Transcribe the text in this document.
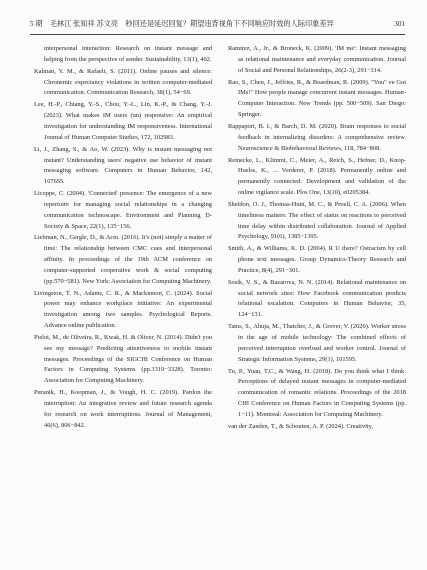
5 期 毛林江 张知祥 苏文亮 秒回还是延迟回复？期望违背视角下不同响应时效的人际印象差异	301

interpersonal interaction: Research on instant message and helping from the perspective of sender. Sustainability, 13(1), 402.

Kalman, Y. M., & Rafaeli, S. (2011). Online pauses and silence: Chronemic expectancy violations in written computer-mediated communication. Communication Research, 38(1), 54−69.

Lee, H.-P., Chiang, Y.-S., Chou, Y.-L., Lin, K.-P., & Chang, Y.-J. (2023). What makes IM users (un) responsive: An empirical investigation for understanding IM responsiveness. International Journal of Human Computer Studies, 172, 102983.

Li, J., Zhang, S., & Ao, W. (2023). Why is instant messaging not instant? Understanding users' negative use behavior of instant messaging software. Computers in Human Behavior, 142, 107655.

Licoppe, C. (2004). 'Connected' presence: The emergence of a new repertoire for managing social relationships in a changing communication technoscape. Environment and Planning D-Society & Space, 22(1), 135−156.

Liebman, N., Gergle, D., & Acm. (2016). It's (not) simply a matter of time: The relationship between CMC cues and interpersonal affinity. In proceedings of the 19th ACM conference on computer-supported cooperative work & social computing (pp.570−581). New York: Association for Computing Machinery.

Livingston, T. N., Adams, C. R., & Mackinnon, C. (2024). Social power may enhance workplace initiative: An experimental investigation among two samples. Psychological Reports. Advance online publication.

Pielot, M., de Oliveira, R., Kwak, H. & Oliver, N. (2014). Didn't you see my message? Predicting attentiveness to mobile instant messages. Proceedings of the SIGCHI Conference on Human Factors in Computing Systems (pp.3319−3328). Toronto: Association for Computing Machinery.

Puranik, H., Koopman, J., & Vough, H. C. (2019). Pardon the interruption: An integrative review and future research agenda for research on work interruptions. Journal of Management, 46(6), 806−842.

Ramirez, A., Jr., & Broneck, K. (2009). 'IM me': Instant messaging as relational maintenance and everyday communication. Journal of Social and Personal Relationships, 26(2-3), 291−314.

Rao, S., Chen, J., Jeffries, R., & Boardman, R. (2009). "You" ve Got IMs!" How people manage concurrent instant messages. Human-Computer Interaction. New Trends (pp. 500−509). San Diego: Springer.

Rappaport, B. I., & Barch, D. M. (2020). Brain responses to social feedback in internalizing disorders: A comprehensive review. Neuroscience & Biobehavioral Reviews, 118, 784−808.

Reinecke, L., Klimmt, C., Meier, A., Reich, S., Hefner, D., Knop-Huelss, K., ... Vorderer, P. (2018). Permanently online and permanently connected: Development and validation of the online vigilance scale. Plos One, 13(10), e0205384.

Sheldon, O. J., Thomas-Hunt, M. C., & Proell, C. A. (2006). When timeliness matters: The effect of status on reactions to perceived time delay within distributed collaboration. Journal of Applied Psychology, 91(6), 1385−1395.

Smith, A., & Williams, K. D. (2004). R U there? Ostracism by cell phone text messages. Group Dynamics-Theory Research and Practice, 8(4), 291−301.

Sosik, V. S., & Bazarova, N. N. (2014). Relational maintenance on social network sites: How Facebook communication predicts relational escalation. Computers in Human Behavior, 35, 124−131.

Tams, S., Ahuja, M., Thatcher, J., & Grover, V. (2020). Worker stress in the age of mobile technology: The combined effects of perceived interruption overload and worker control. Journal of Strategic Information Systems, 29(1), 101595.

Tu, P., Yuan, T.C., & Wang, H. (2018). Do you think what I think: Perceptions of delayed instant messages in computer-mediated communication of romantic relations. Proceedings of the 2018 CHI Conference on Human Factors in Computing Systems (pp. 1−11). Montreal: Association for Computing Machinery.

van der Zanden, T., & Schouten, A. P. (2024). Creativity,
